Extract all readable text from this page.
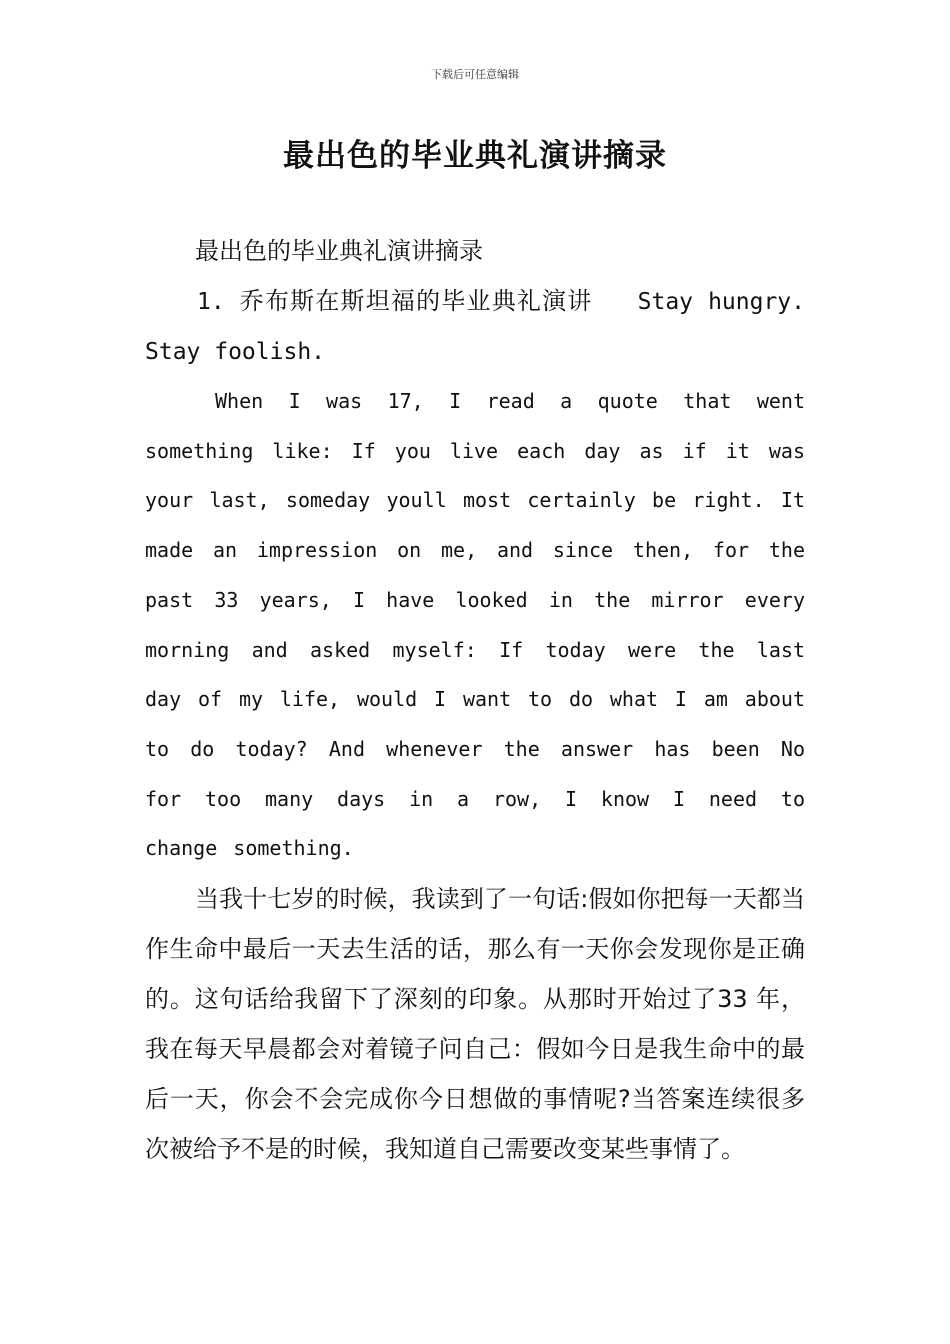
下载后可任意编辑
最出色的毕业典礼演讲摘录

最出色的毕业典礼演讲摘录

1. 乔布斯在斯坦福的毕业典礼演讲 Stay hungry. Stay foolish.

When I was 17, I read a quote that went something like: If you live each day as if it was your last, someday youll most certainly be right. It made an impression on me, and since then, for the past 33 years, I have looked in the mirror every morning and asked myself: If today were the last day of my life, would I want to do what I am about to do today? And whenever the answer has been No for too many days in a row, I know I need to change something.

当我十七岁的时候，我读到了一句话:假如你把每一天都当作生命中最后一天去生活的话，那么有一天你会发现你是正确的。这句话给我留下了深刻的印象。从那时开始过了33 年，我在每天早晨都会对着镜子问自己：假如今日是我生命中的最后一天，你会不会完成你今日想做的事情呢?当答案连续很多次被给予不是的时候，我知道自己需要改变某些事情了。
